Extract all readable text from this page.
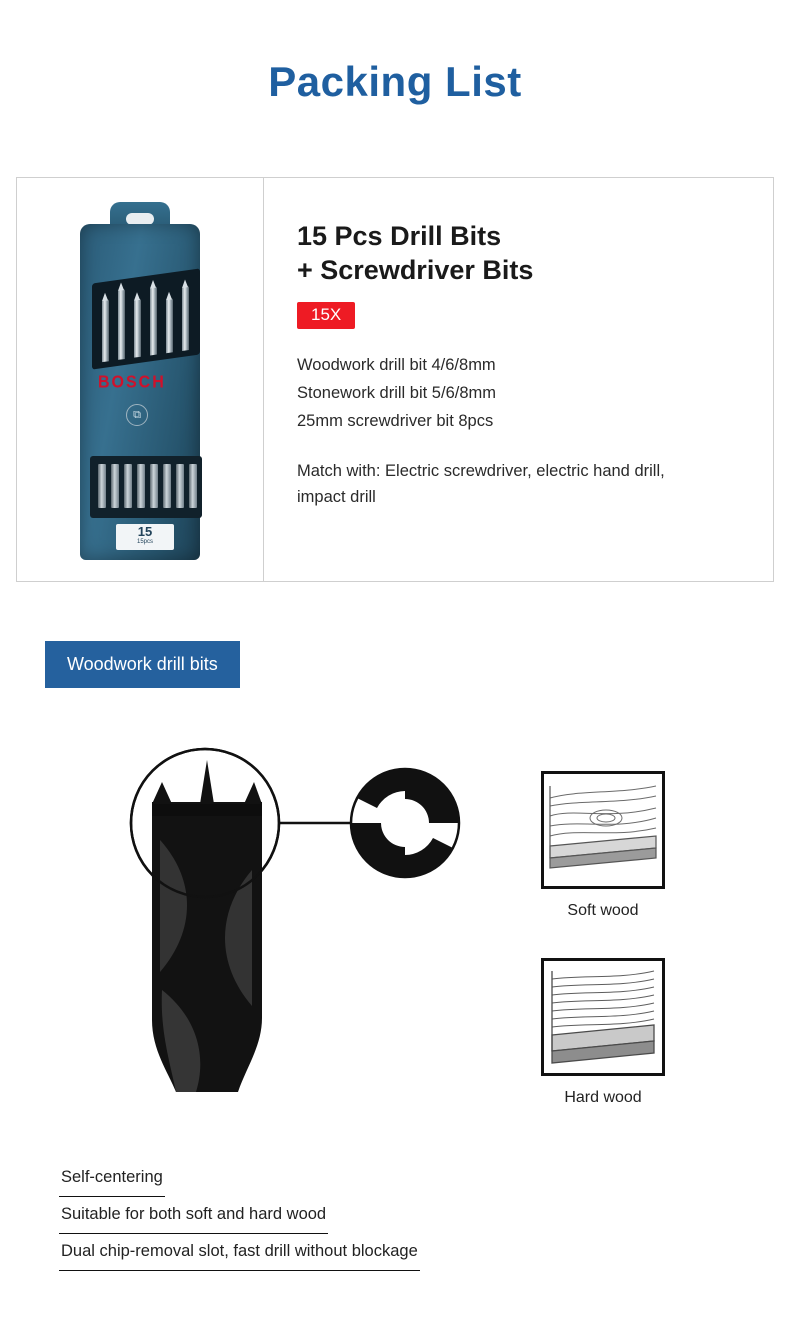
Packing List
BOSCH
⧉
15
15pcs
15 Pcs Drill Bits
+ Screwdriver Bits
15X
Woodwork drill bit 4/6/8mm
Stonework drill bit 5/6/8mm
25mm screwdriver bit 8pcs
Match with: Electric screwdriver, electric hand drill, impact drill
Woodwork drill bits
Soft wood
Hard wood
Self-centering
Suitable for both soft and hard wood
Dual chip-removal slot, fast drill without blockage
